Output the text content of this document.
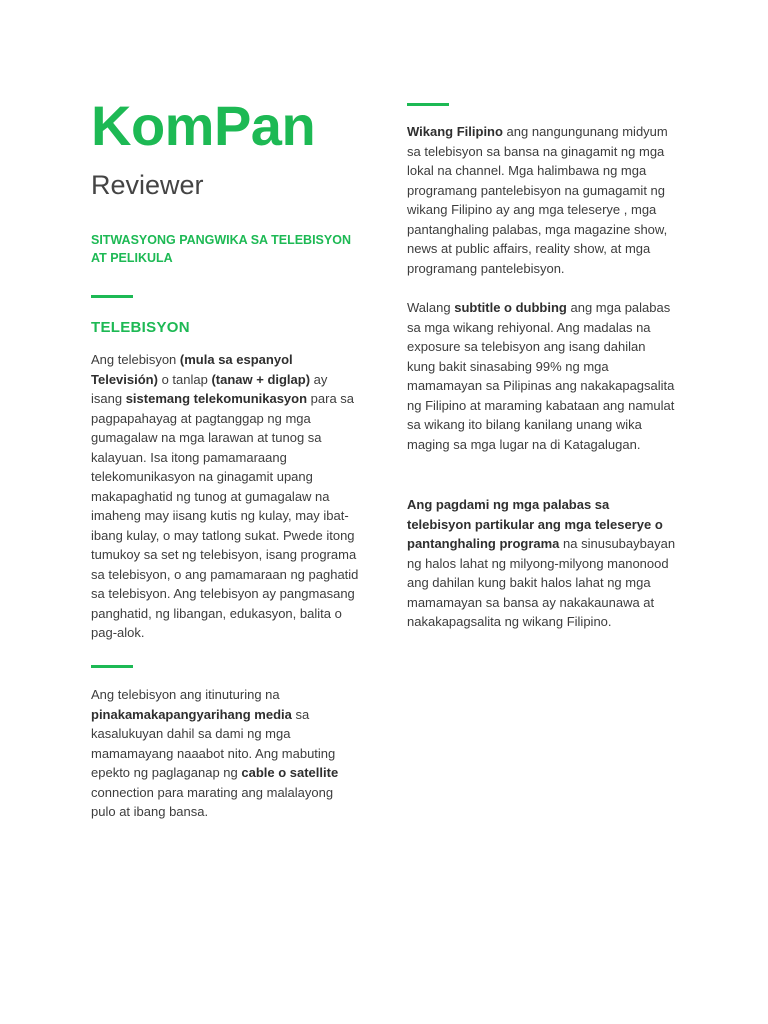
KomPan
Reviewer

SITWASYONG PANGWIKA SA TELEBISYON AT PELIKULA

TELEBISYON

Ang telebisyon (mula sa espanyol Televisión) o tanlap (tanaw + diglap) ay isang sistemang telekomunikasyon para sa pagpapahayag at pagtanggap ng mga gumagalaw na mga larawan at tunog sa kalayuan. Isa itong pamamaraang telekomunikasyon na ginagamit upang makapaghatid ng tunog at gumagalaw na imaheng may iisang kutis ng kulay, may ibat-ibang kulay, o may tatlong sukat. Pwede itong tumukoy sa set ng telebisyon, isang programa sa telebisyon, o ang pamamaraan ng paghatid sa telebisyon. Ang telebisyon ay pangmasang panghatid, ng libangan, edukasyon, balita o pag-alok.

Ang telebisyon ang itinuturing na pinakamakapangyarihang media sa kasalukuyan dahil sa dami ng mga mamamayang naaabot nito. Ang mabuting epekto ng paglaganap ng cable o satellite connection para marating ang malalayong pulo at ibang bansa.

Wikang Filipino ang nangungunang midyum sa telebisyon sa bansa na ginagamit ng mga lokal na channel. Mga halimbawa ng mga programang pantelebisyon na gumagamit ng wikang Filipino ay ang mga teleserye , mga pantanghaling palabas, mga magazine show, news at public affairs, reality show, at mga programang pantelebisyon.

Walang subtitle o dubbing ang mga palabas sa mga wikang rehiyonal. Ang madalas na exposure sa telebisyon ang isang dahilan kung bakit sinasabing 99% ng mga mamamayan sa Pilipinas ang nakakapagsalita ng Filipino at maraming kabataan ang namulat sa wikang ito bilang kanilang unang wika maging sa mga lugar na di Katagalugan.

Ang pagdami ng mga palabas sa telebisyon partikular ang mga teleserye o pantanghaling programa na sinusubaybayan ng halos lahat ng milyong-milyong manonood ang dahilan kung bakit halos lahat ng mga mamamayan sa bansa ay nakakaunawa at nakakapagsalita ng wikang Filipino.
